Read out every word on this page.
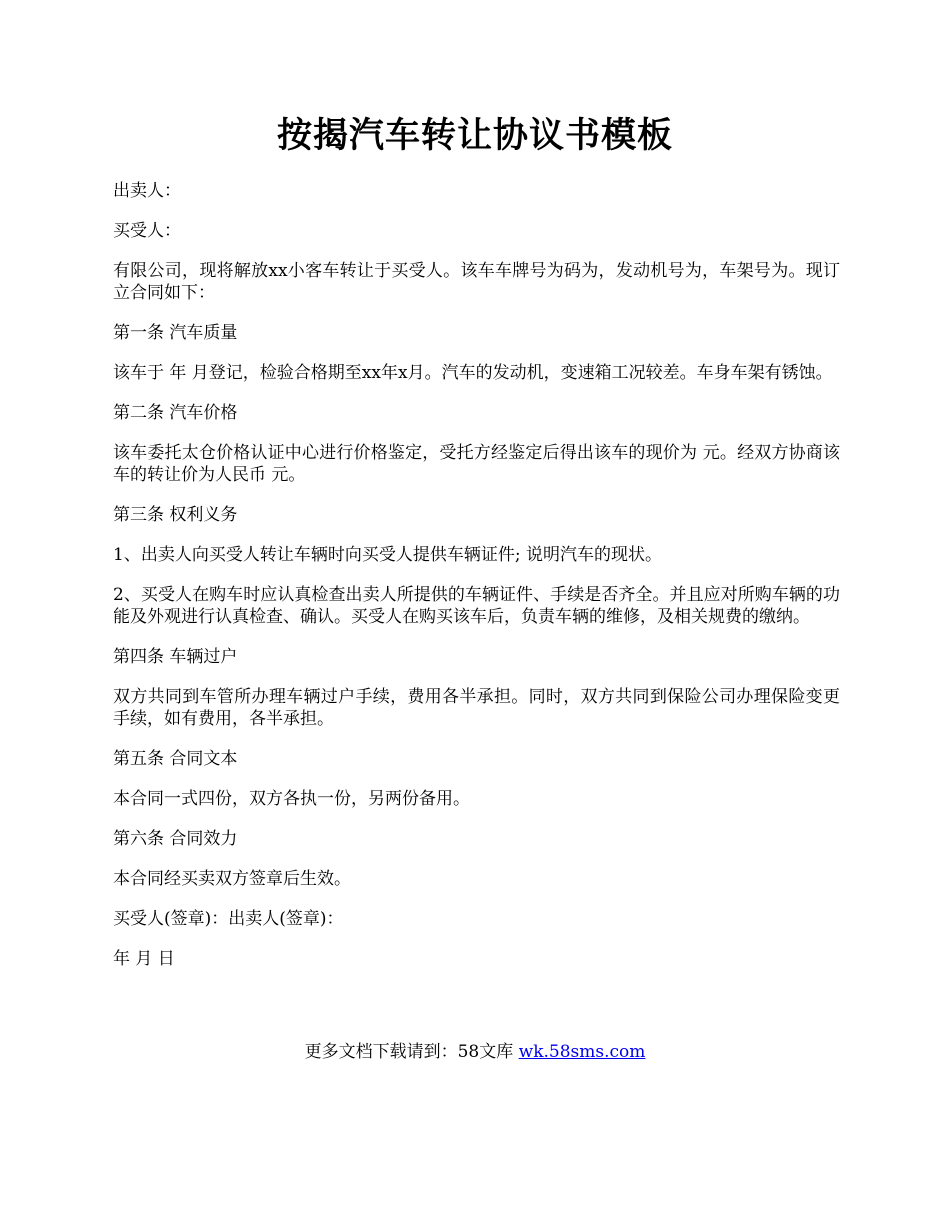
按揭汽车转让协议书模板

出卖人：

买受人：

有限公司，现将解放xx小客车转让于买受人。该车车牌号为码为，发动机号为，车架号为。现订立合同如下：

第一条 汽车质量

该车于 年 月登记，检验合格期至xx年x月。汽车的发动机，变速箱工况较差。车身车架有锈蚀。

第二条 汽车价格

该车委托太仓价格认证中心进行价格鉴定，受托方经鉴定后得出该车的现价为 元。经双方协商该车的转让价为人民币 元。

第三条 权利义务

1、出卖人向买受人转让车辆时向买受人提供车辆证件; 说明汽车的现状。

2、买受人在购车时应认真检查出卖人所提供的车辆证件、手续是否齐全。并且应对所购车辆的功能及外观进行认真检查、确认。买受人在购买该车后，负责车辆的维修，及相关规费的缴纳。

第四条 车辆过户

双方共同到车管所办理车辆过户手续，费用各半承担。同时，双方共同到保险公司办理保险变更手续，如有费用，各半承担。

第五条 合同文本

本合同一式四份，双方各执一份，另两份备用。

第六条 合同效力

本合同经买卖双方签章后生效。

买受人(签章)：出卖人(签章)：

年 月 日

更多文档下载请到：58文库 wk.58sms.com
